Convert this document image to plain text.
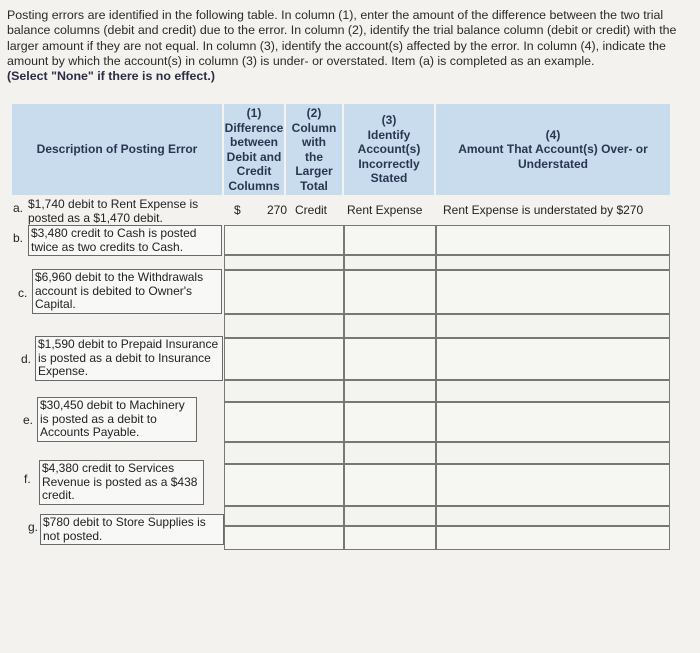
Posting errors are identified in the following table. In column (1), enter the amount of the difference between the two trial balance columns (debit and credit) due to the error. In column (2), identify the trial balance column (debit or credit) with the larger amount if they are not equal. In column (3), identify the account(s) affected by the error. In column (4), indicate the amount by which the account(s) in column (3) is under- or overstated. Item (a) is completed as an example.
(Select "None" if there is no effect.)
Description of Posting Error
(1)
Difference
between
Debit and
Credit
Columns
(2)
Column
with
the
Larger
Total
(3)
Identify
Account(s)
Incorrectly
Stated
(4)
Amount That Account(s) Over- or
Understated
a. $1,740 debit to Rent Expense is posted as a $1,470 debit.
$ 270 Credit Rent Expense Rent Expense is understated by $270
b. $3,480 credit to Cash is posted twice as two credits to Cash.
c.
$6,960 debit to the Withdrawals account is debited to Owner's Capital.
d.
$1,590 debit to Prepaid Insurance is posted as a debit to Insurance Expense.
e.
$30,450 debit to Machinery is posted as a debit to Accounts Payable.
f.
$4,380 credit to Services Revenue is posted as a $438 credit.
g. $780 debit to Store Supplies is not posted.
